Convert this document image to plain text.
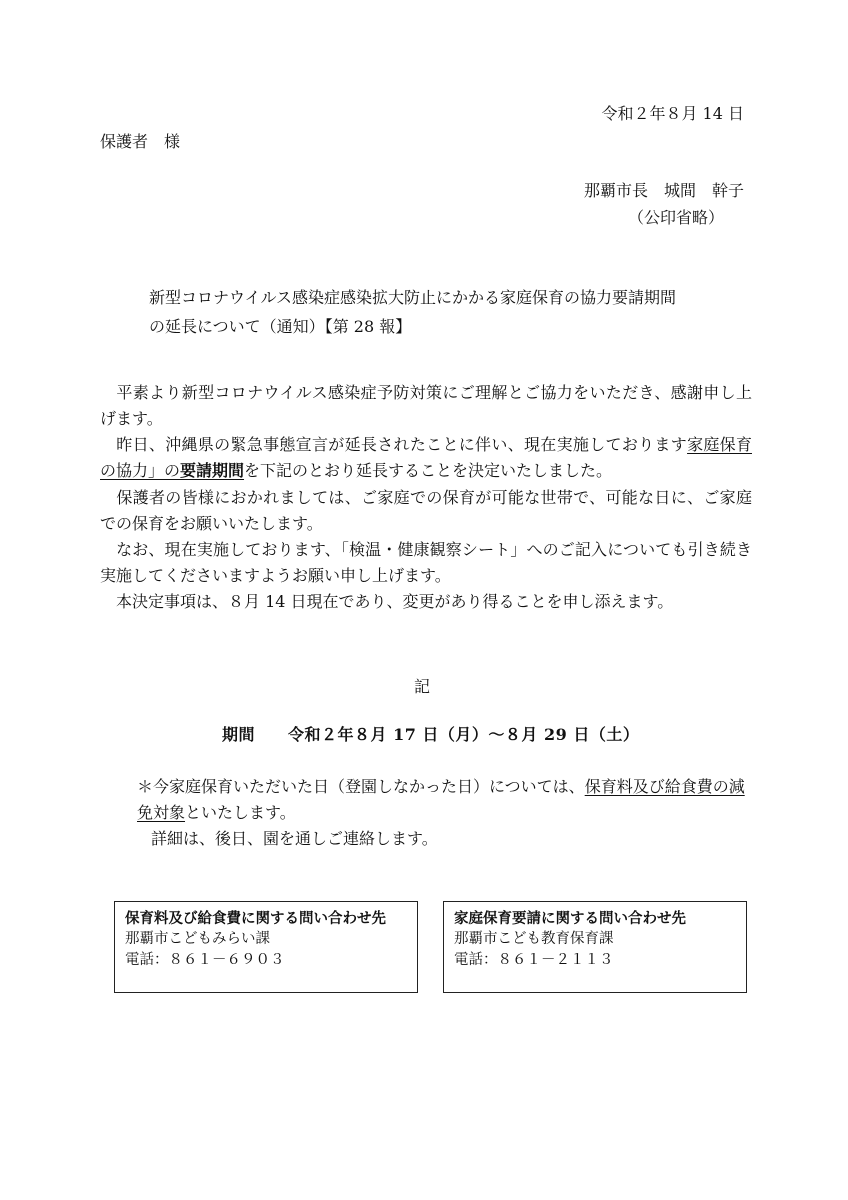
令和２年８月 14 日
保護者　様
那覇市長　城間　幹子
（公印省略）
新型コロナウイルス感染症感染拡大防止にかかる家庭保育の協力要請期間
の延長について（通知）【第 28 報】
　平素より新型コロナウイルス感染症予防対策にご理解とご協力をいただき、感謝申し上げます。
　昨日、沖縄県の緊急事態宣言が延長されたことに伴い、現在実施しております家庭保育の協力」の要請期間を下記のとおり延長することを決定いたしました。
　保護者の皆様におかれましては、ご家庭での保育が可能な世帯で、可能な日に、ご家庭での保育をお願いいたします。
　なお、現在実施しております、「検温・健康観察シート」へのご記入についても引き続き実施してくださいますようお願い申し上げます。
　本決定事項は、８月 14 日現在であり、変更があり得ることを申し添えます。
記
期間　　令和２年８月 17 日（月）～８月 29 日（土）
＊今家庭保育いただいた日（登園しなかった日）については、保育料及び給食費の減免対象といたします。
詳細は、後日、園を通しご連絡します。
保育料及び給食費に関する問い合わせ先
那覇市こどもみらい課
電話：８６１－６９０３
家庭保育要請に関する問い合わせ先
那覇市こども教育保育課
電話：８６１－２１１３
